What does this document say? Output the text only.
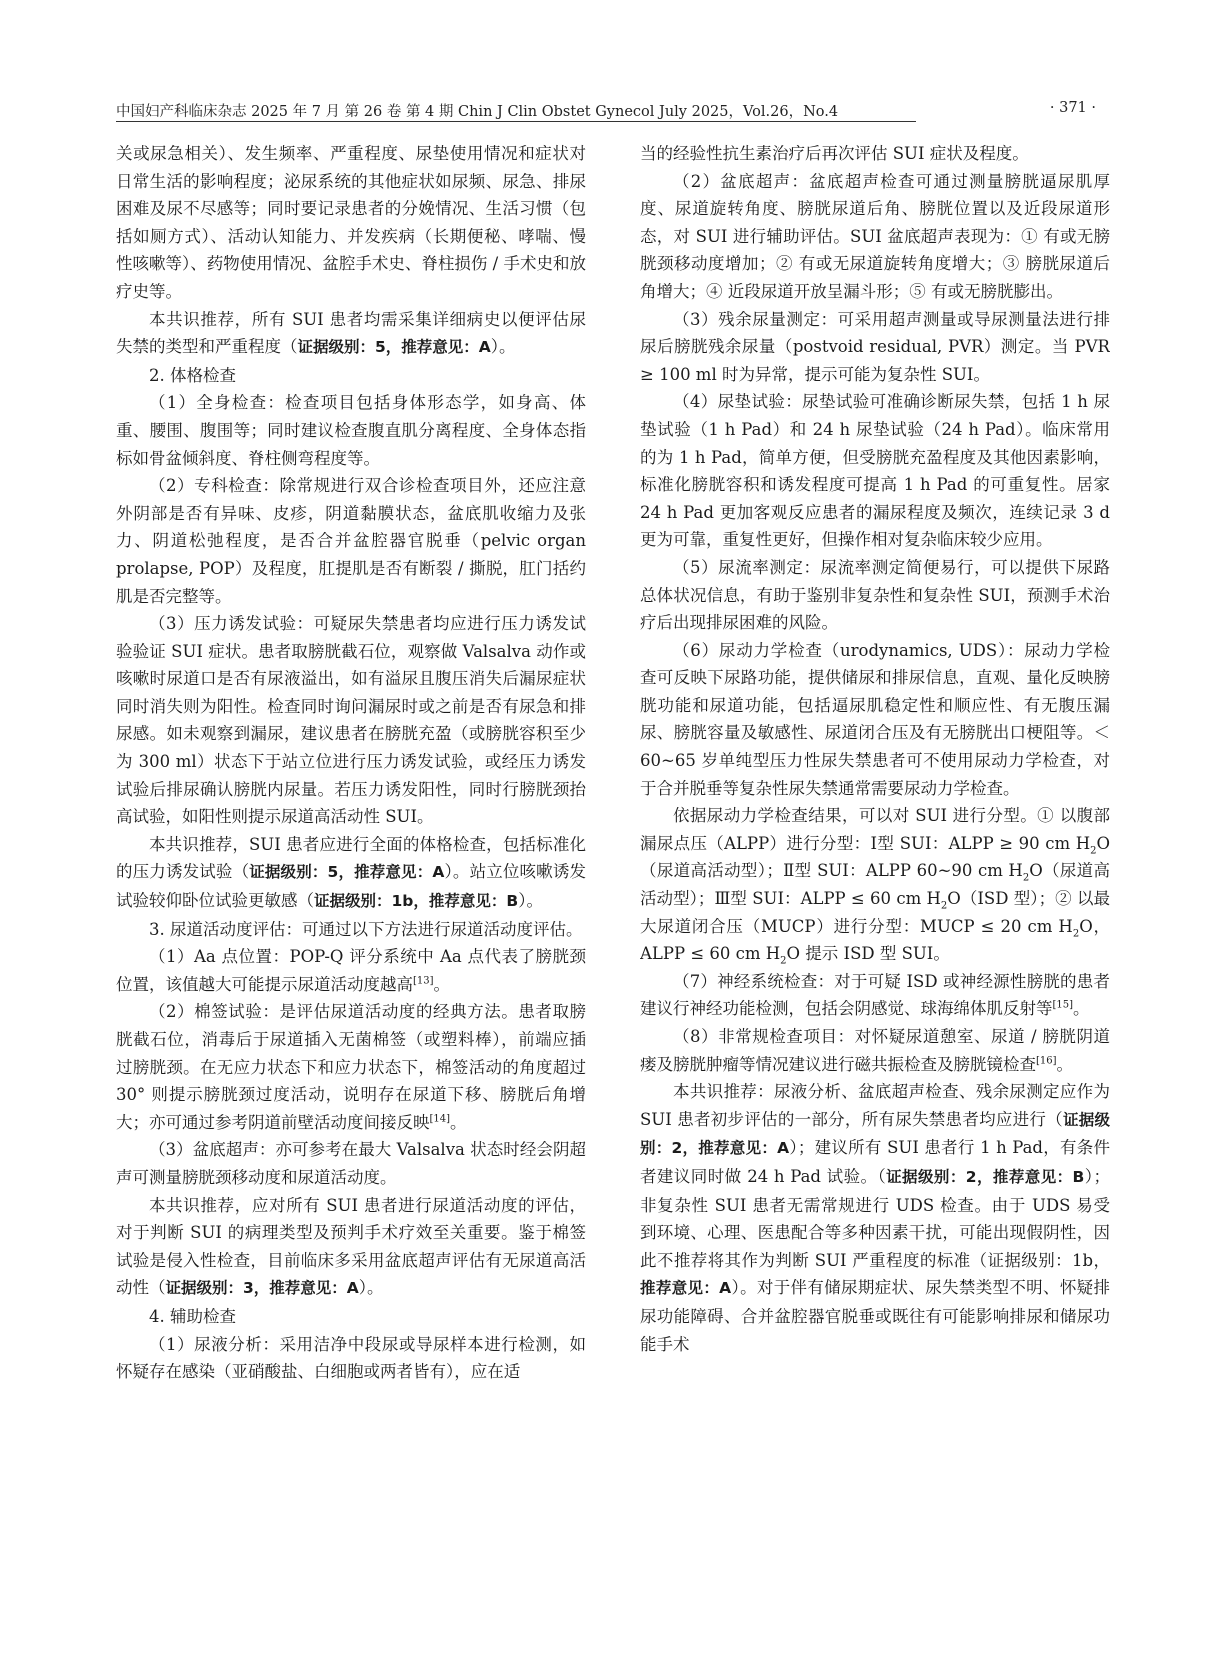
中国妇产科临床杂志 2025 年 7 月 第 26 卷 第 4 期 Chin J Clin Obstet Gynecol July 2025，Vol.26，No.4	· 371 ·

关或尿急相关）、发生频率、严重程度、尿垫使用情况和症状对日常生活的影响程度；泌尿系统的其他症状如尿频、尿急、排尿困难及尿不尽感等；同时要记录患者的分娩情况、生活习惯（包括如厕方式）、活动认知能力、并发疾病（长期便秘、哮喘、慢性咳嗽等）、药物使用情况、盆腔手术史、脊柱损伤 / 手术史和放疗史等。

本共识推荐，所有 SUI 患者均需采集详细病史以便评估尿失禁的类型和严重程度（证据级别：5，推荐意见：A）。

2. 体格检查

（1）全身检查：检查项目包括身体形态学，如身高、体重、腰围、腹围等；同时建议检查腹直肌分离程度、全身体态指标如骨盆倾斜度、脊柱侧弯程度等。

（2）专科检查：除常规进行双合诊检查项目外，还应注意外阴部是否有异味、皮疹，阴道黏膜状态，盆底肌收缩力及张力、阴道松弛程度，是否合并盆腔器官脱垂（pelvic organ prolapse, POP）及程度，肛提肌是否有断裂 / 撕脱，肛门括约肌是否完整等。

（3）压力诱发试验：可疑尿失禁患者均应进行压力诱发试验验证 SUI 症状。患者取膀胱截石位，观察做 Valsalva 动作或咳嗽时尿道口是否有尿液溢出，如有溢尿且腹压消失后漏尿症状同时消失则为阳性。检查同时询问漏尿时或之前是否有尿急和排尿感。如未观察到漏尿，建议患者在膀胱充盈（或膀胱容积至少为 300 ml）状态下于站立位进行压力诱发试验，或经压力诱发试验后排尿确认膀胱内尿量。若压力诱发阳性，同时行膀胱颈抬高试验，如阳性则提示尿道高活动性 SUI。

本共识推荐，SUI 患者应进行全面的体格检查，包括标准化的压力诱发试验（证据级别：5，推荐意见：A）。站立位咳嗽诱发试验较仰卧位试验更敏感（证据级别：1b，推荐意见：B）。

3. 尿道活动度评估：可通过以下方法进行尿道活动度评估。

（1）Aa 点位置：POP-Q 评分系统中 Aa 点代表了膀胱颈位置，该值越大可能提示尿道活动度越高[13]。

（2）棉签试验：是评估尿道活动度的经典方法。患者取膀胱截石位，消毒后于尿道插入无菌棉签（或塑料棒），前端应插过膀胱颈。在无应力状态下和应力状态下，棉签活动的角度超过 30° 则提示膀胱颈过度活动，说明存在尿道下移、膀胱后角增大；亦可通过参考阴道前壁活动度间接反映[14]。

（3）盆底超声：亦可参考在最大 Valsalva 状态时经会阴超声可测量膀胱颈移动度和尿道活动度。

本共识推荐，应对所有 SUI 患者进行尿道活动度的评估，对于判断 SUI 的病理类型及预判手术疗效至关重要。鉴于棉签试验是侵入性检查，目前临床多采用盆底超声评估有无尿道高活动性（证据级别：3，推荐意见：A）。

4. 辅助检查

（1）尿液分析：采用洁净中段尿或导尿样本进行检测，如怀疑存在感染（亚硝酸盐、白细胞或两者皆有），应在适

当的经验性抗生素治疗后再次评估 SUI 症状及程度。

（2）盆底超声：盆底超声检查可通过测量膀胱逼尿肌厚度、尿道旋转角度、膀胱尿道后角、膀胱位置以及近段尿道形态，对 SUI 进行辅助评估。SUI 盆底超声表现为：① 有或无膀胱颈移动度增加；② 有或无尿道旋转角度增大；③ 膀胱尿道后角增大；④ 近段尿道开放呈漏斗形；⑤ 有或无膀胱膨出。

（3）残余尿量测定：可采用超声测量或导尿测量法进行排尿后膀胱残余尿量（postvoid residual, PVR）测定。当 PVR ≥ 100 ml 时为异常，提示可能为复杂性 SUI。

（4）尿垫试验：尿垫试验可准确诊断尿失禁，包括 1 h 尿垫试验（1 h Pad）和 24 h 尿垫试验（24 h Pad）。临床常用的为 1 h Pad，简单方便，但受膀胱充盈程度及其他因素影响，标准化膀胱容积和诱发程度可提高 1 h Pad 的可重复性。居家 24 h Pad 更加客观反应患者的漏尿程度及频次，连续记录 3 d 更为可靠，重复性更好，但操作相对复杂临床较少应用。

（5）尿流率测定：尿流率测定简便易行，可以提供下尿路总体状况信息，有助于鉴别非复杂性和复杂性 SUI，预测手术治疗后出现排尿困难的风险。

（6）尿动力学检查（urodynamics, UDS）：尿动力学检查可反映下尿路功能，提供储尿和排尿信息，直观、量化反映膀胱功能和尿道功能，包括逼尿肌稳定性和顺应性、有无腹压漏尿、膀胱容量及敏感性、尿道闭合压及有无膀胱出口梗阻等。＜ 60~65 岁单纯型压力性尿失禁患者可不使用尿动力学检查，对于合并脱垂等复杂性尿失禁通常需要尿动力学检查。

依据尿动力学检查结果，可以对 SUI 进行分型。① 以腹部漏尿点压（ALPP）进行分型：Ⅰ型 SUI：ALPP ≥ 90 cm $H_2O$（尿道高活动型）；Ⅱ型 SUI：ALPP 60~90 cm $H_2O$（尿道高活动型）；Ⅲ型 SUI：ALPP ≤ 60 cm $H_2O(ISD$ 型）；② 以最大尿道闭合压（MUCP）进行分型：MUCP ≤ 20 cm $H_2O$，ALPP ≤ 60 cm $H_2O$ 提示 ISD 型 SUI。

（7）神经系统检查：对于可疑 ISD 或神经源性膀胱的患者建议行神经功能检测，包括会阴感觉、球海绵体肌反射等[15]。

（8）非常规检查项目：对怀疑尿道憩室、尿道 / 膀胱阴道瘘及膀胱肿瘤等情况建议进行磁共振检查及膀胱镜检查[16]。

本共识推荐：尿液分析、盆底超声检查、残余尿测定应作为 SUI 患者初步评估的一部分，所有尿失禁患者均应进行（证据级别：2，推荐意见：A）；建议所有 SUI 患者行 1 h Pad，有条件者建议同时做 24 h Pad 试验。（证据级别：2，推荐意见：B）；非复杂性 SUI 患者无需常规进行 UDS 检查。由于 UDS 易受到环境、心理、医患配合等多种因素干扰，可能出现假阴性，因此不推荐将其作为判断 SUI 严重程度的标准（证据级别：1b，推荐意见：A）。对于伴有储尿期症状、尿失禁类型不明、怀疑排尿功能障碍、合并盆腔器官脱垂或既往有可能影响排尿和储尿功能手术
